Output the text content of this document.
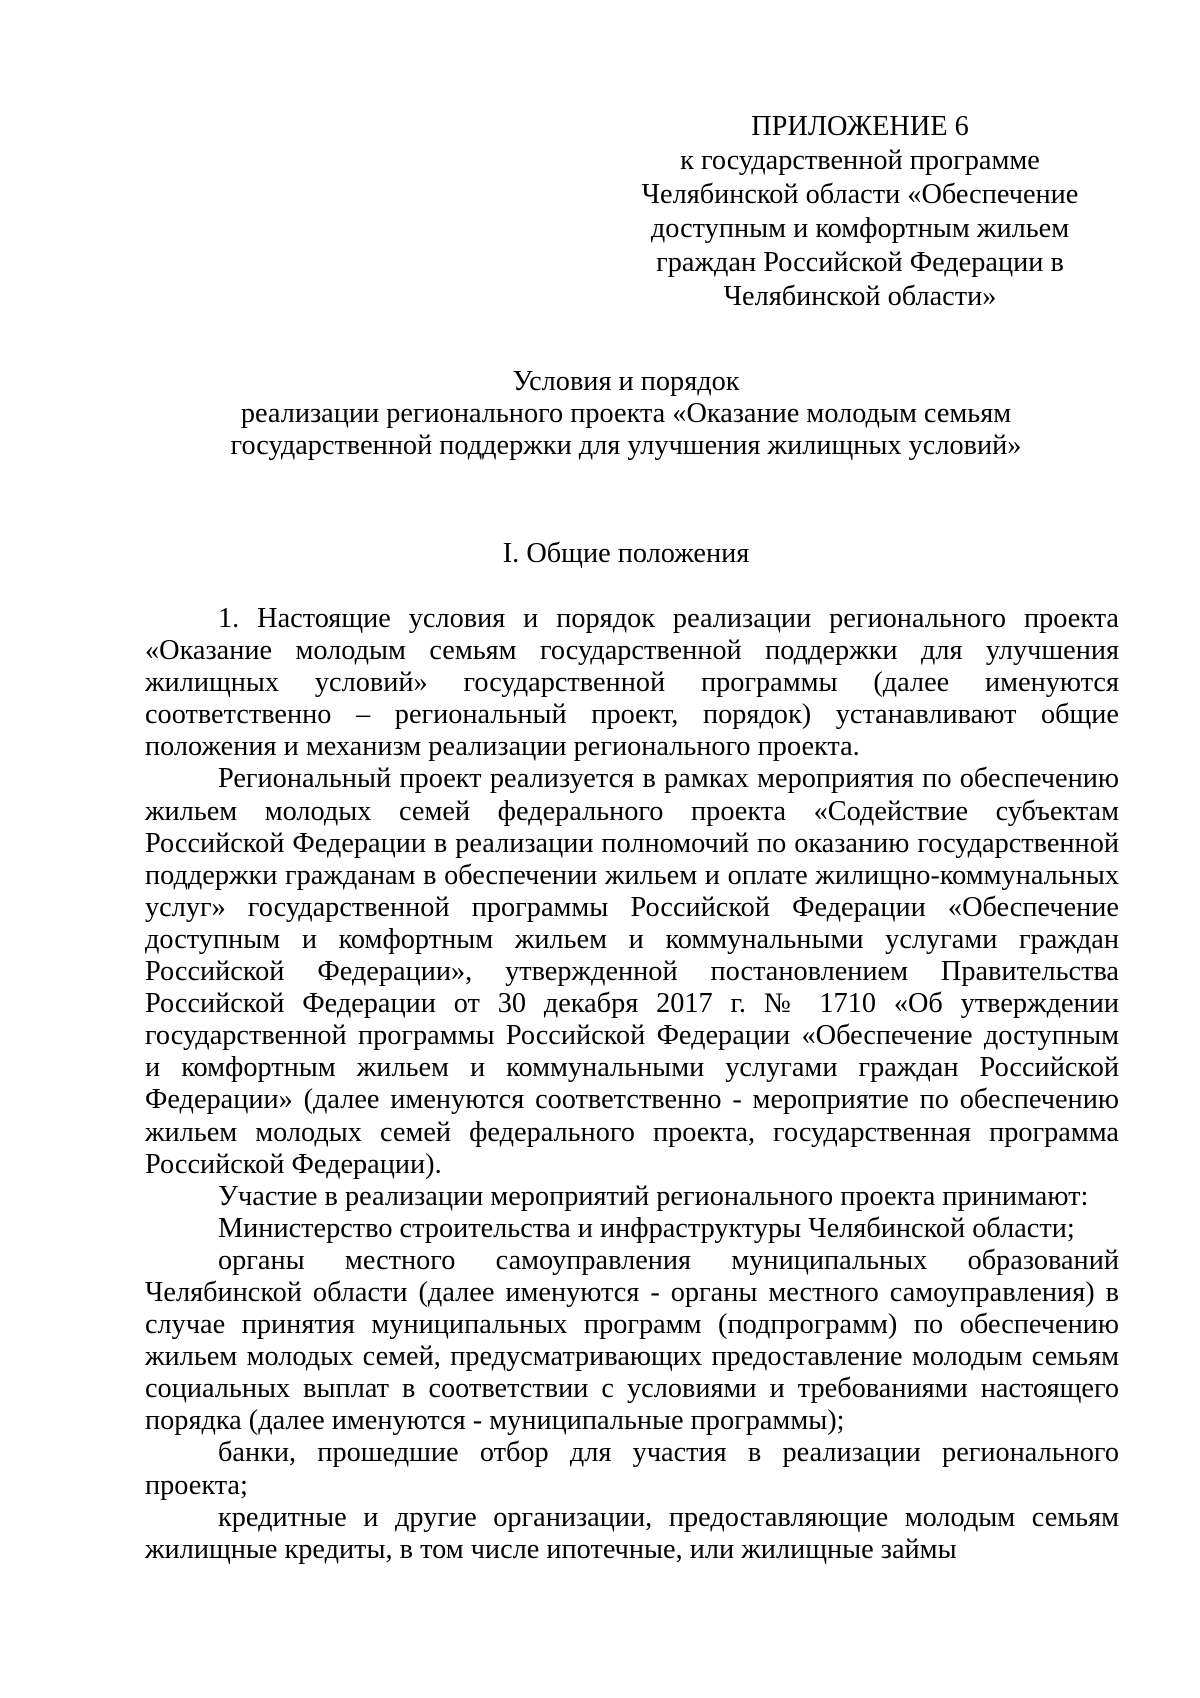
ПРИЛОЖЕНИЕ 6
к государственной программе
Челябинской области «Обеспечение
доступным и комфортным жильем
граждан Российской Федерации в
Челябинской области»
Условия и порядок
реализации регионального проекта «Оказание молодым семьям
государственной поддержки для улучшения жилищных условий»
I. Общие положения

1. Настоящие условия и порядок реализации регионального проекта «Оказание молодым семьям государственной поддержки для улучшения жилищных условий» государственной программы (далее именуются соответственно – региональный проект, порядок) устанавливают общие положения и механизм реализации регионального проекта.

Региональный проект реализуется в рамках мероприятия по обеспечению жильем молодых семей федерального проекта «Содействие субъектам Российской Федерации в реализации полномочий по оказанию государственной поддержки гражданам в обеспечении жильем и оплате жилищно-коммунальных услуг» государственной программы Российской Федерации «Обеспечение доступным и комфортным жильем и коммунальными услугами граждан Российской Федерации», утвержденной постановлением Правительства Российской Федерации от 30 декабря 2017 г. № 1710 «Об утверждении государственной программы Российской Федерации «Обеспечение доступным и комфортным жильем и коммунальными услугами граждан Российской Федерации» (далее именуются соответственно - мероприятие по обеспечению жильем молодых семей федерального проекта, государственная программа Российской Федерации).

Участие в реализации мероприятий регионального проекта принимают:

Министерство строительства и инфраструктуры Челябинской области;

органы местного самоуправления муниципальных образований Челябинской области (далее именуются - органы местного самоуправления) в случае принятия муниципальных программ (подпрограмм) по обеспечению жильем молодых семей, предусматривающих предоставление молодым семьям социальных выплат в соответствии с условиями и требованиями настоящего порядка (далее именуются - муниципальные программы);

банки, прошедшие отбор для участия в реализации регионального проекта;

кредитные и другие организации, предоставляющие молодым семьям жилищные кредиты, в том числе ипотечные, или жилищные займы
